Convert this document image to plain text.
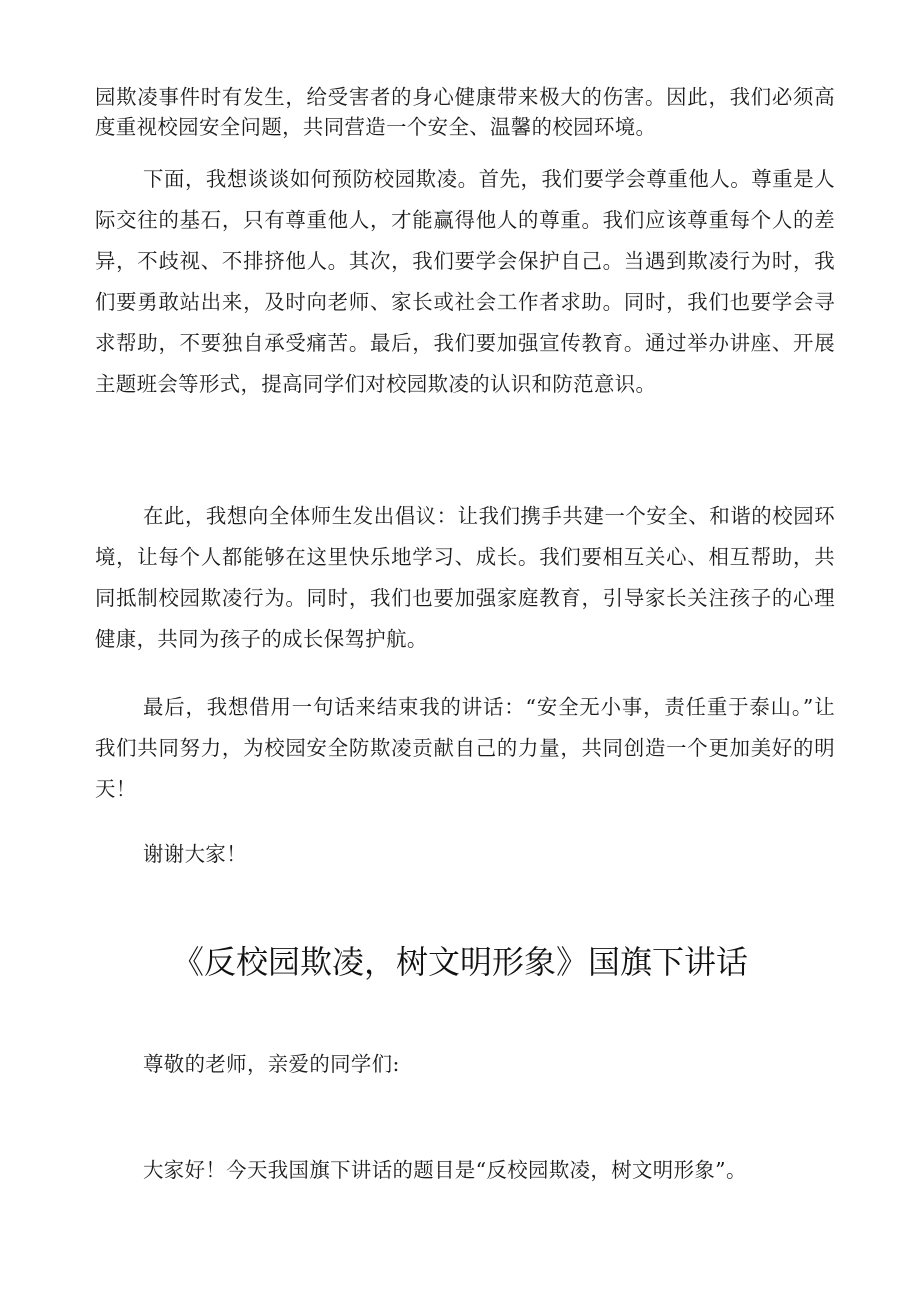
园欺凌事件时有发生，给受害者的身心健康带来极大的伤害。因此，我们必须高度重视校园安全问题，共同营造一个安全、温馨的校园环境。

下面，我想谈谈如何预防校园欺凌。首先，我们要学会尊重他人。尊重是人际交往的基石，只有尊重他人，才能赢得他人的尊重。我们应该尊重每个人的差异，不歧视、不排挤他人。其次，我们要学会保护自己。当遇到欺凌行为时，我们要勇敢站出来，及时向老师、家长或社会工作者求助。同时，我们也要学会寻求帮助，不要独自承受痛苦。最后，我们要加强宣传教育。通过举办讲座、开展主题班会等形式，提高同学们对校园欺凌的认识和防范意识。

在此，我想向全体师生发出倡议：让我们携手共建一个安全、和谐的校园环境，让每个人都能够在这里快乐地学习、成长。我们要相互关心、相互帮助，共同抵制校园欺凌行为。同时，我们也要加强家庭教育，引导家长关注孩子的心理健康，共同为孩子的成长保驾护航。

最后，我想借用一句话来结束我的讲话：“安全无小事，责任重于泰山。”让我们共同努力，为校园安全防欺凌贡献自己的力量，共同创造一个更加美好的明天！

谢谢大家！

《反校园欺凌，树文明形象》国旗下讲话

尊敬的老师，亲爱的同学们:

大家好！今天我国旗下讲话的题目是“反校园欺凌，树文明形象”。
